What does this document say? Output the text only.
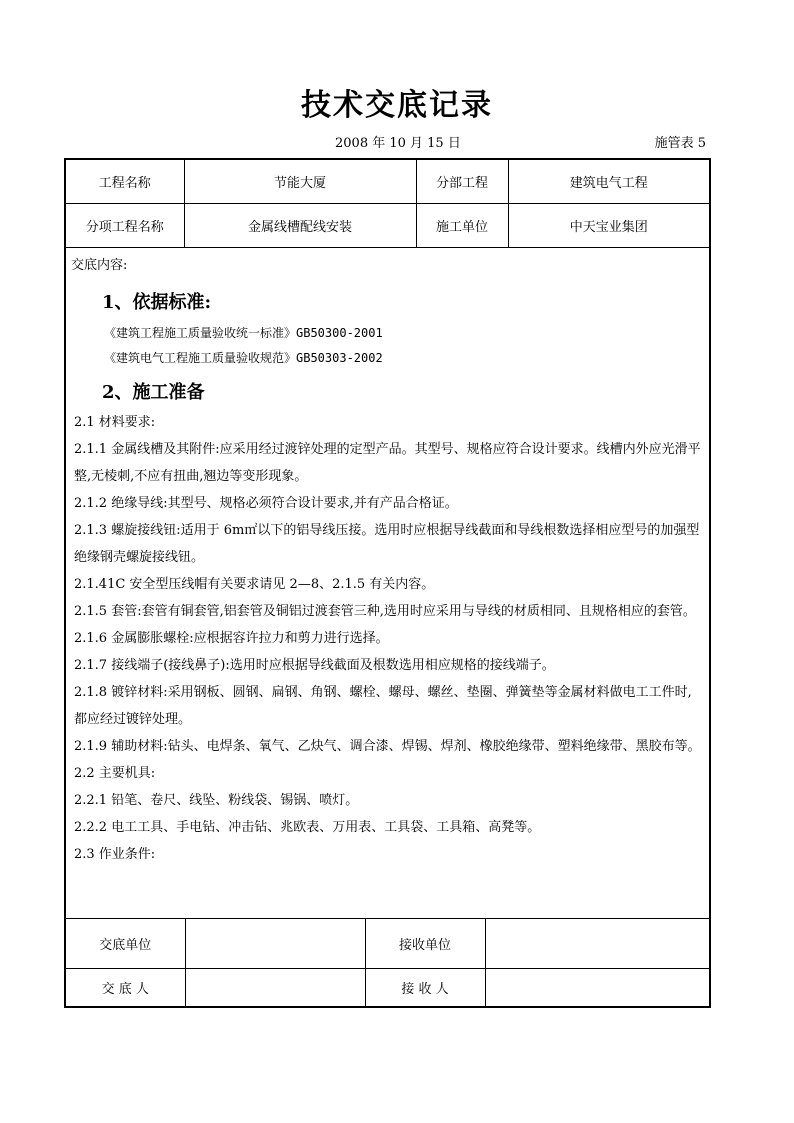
技术交底记录
2008 年 10 月 15 日	施管表 5
工程名称	节能大厦	分部工程	建筑电气工程
分项工程名称	金属线槽配线安装	施工单位	中天宝业集团
交底内容:
1、依据标准:
《建筑工程施工质量验收统一标准》GB50300-2001
《建筑电气工程施工质量验收规范》GB50303-2002
2、施工准备

2.1 材料要求:

2.1.1 金属线槽及其附件:应采用经过渡锌处理的定型产品。其型号、规格应符合设计要求。线槽内外应光滑平整,无棱刺,不应有扭曲,翘边等变形现象。

2.1.2 绝缘导线:其型号、规格必须符合设计要求,并有产品合格证。

2.1.3 螺旋接线钮:适用于 6m㎡以下的铝导线压接。选用时应根据导线截面和导线根数选择相应型号的加强型绝缘钢壳螺旋接线钮。

2.1.41C 安全型压线帽有关要求请见 2—8、2.1.5 有关内容。

2.1.5 套管:套管有铜套管,铝套管及铜铝过渡套管三种,选用时应采用与导线的材质相同、且规格相应的套管。

2.1.6 金属膨胀螺栓:应根据容许拉力和剪力进行选择。

2.1.7 接线端子(接线鼻子):选用时应根据导线截面及根数选用相应规格的接线端子。

2.1.8 镀锌材料:采用钢板、圆钢、扁钢、角钢、螺栓、螺母、螺丝、垫圈、弹簧垫等金属材料做电工工件时,都应经过镀锌处理。

2.1.9 辅助材料:钻头、电焊条、氧气、乙炔气、调合漆、焊锡、焊剂、橡胶绝缘带、塑料绝缘带、黑胶布等。

2.2 主要机具:

2.2.1 铅笔、卷尺、线坠、粉线袋、锡锅、喷灯。

2.2.2 电工工具、手电钻、冲击钻、兆欧表、万用表、工具袋、工具箱、高凳等。

2.3 作业条件:

交底单位		接收单位	
交 底 人		接 收 人	
